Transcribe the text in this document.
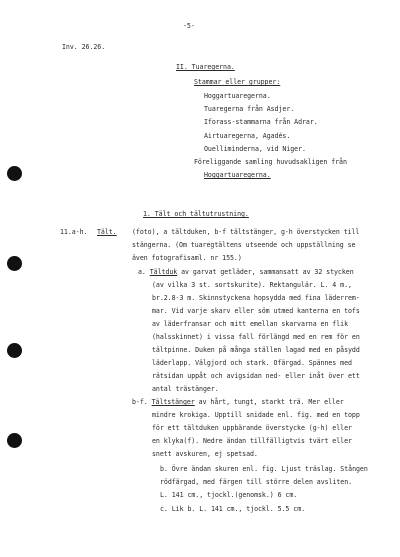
Inv. 26.26.
-5-
II. Tuaregerna.
Stammar eller grupper:
Hoggartuaregerna.
Tuaregerna från Asdjer.
Iforass-stammarna från Adrar.
Airtuaregerna, Agadés.
Ouelliminderna, vid Niger.
Föreliggande samling huvudsakligen från
Hoggartuaregerna.
1. Tält och tältutrustning.
11.a-h. Tält. (foto), a tältduken, b-f tältstänger, g-h överstycken till
stängerna. (Om tuaregtältens utseende och uppställning se
även fotografisaml. nr 155.)
a. Tältduk av garvat getläder, sammansatt av 32 stycken
(av vilka 3 st. sortskurite). Rektangulär. L. 4 m.,
br.2.8-3 m. Skinnstyckena hopsydda med fina läderrem-
mar. Vid varje skarv eller söm utmed kanterna en tofs
av läderfransar och mitt emellan skarvarna en flik
(halsskinnet) i vissa fall förlängd med en rem för en
tältpinne. Duken på många ställen lagad med en påsydd
läderlapp. Välgjord och stark. Ofärgad. Spännes med
rätsidan uppåt och avigsidan ned- eller inåt över ett
antal trästänger.
b-f. Tältstänger av hårt, tungt, starkt trä. Mer eller
mindre krokiga. Upptill snidade enl. fig. med en topp
för ett tältduken uppbärande överstycke (g-h) eller
en klyka(f). Nedre ändan tillfälligtvis tvärt eller
snett avskuren, ej spetsad.
b. Övre ändan skuren enl. fig. Ljust träslag. Stången
rödfärgad, med färgen till större delen avsliten.
L. 141 cm., tjockl.(genomsk.) 6 cm.
c. Lik b. L. 141 cm., tjockl. 5.5 cm.
